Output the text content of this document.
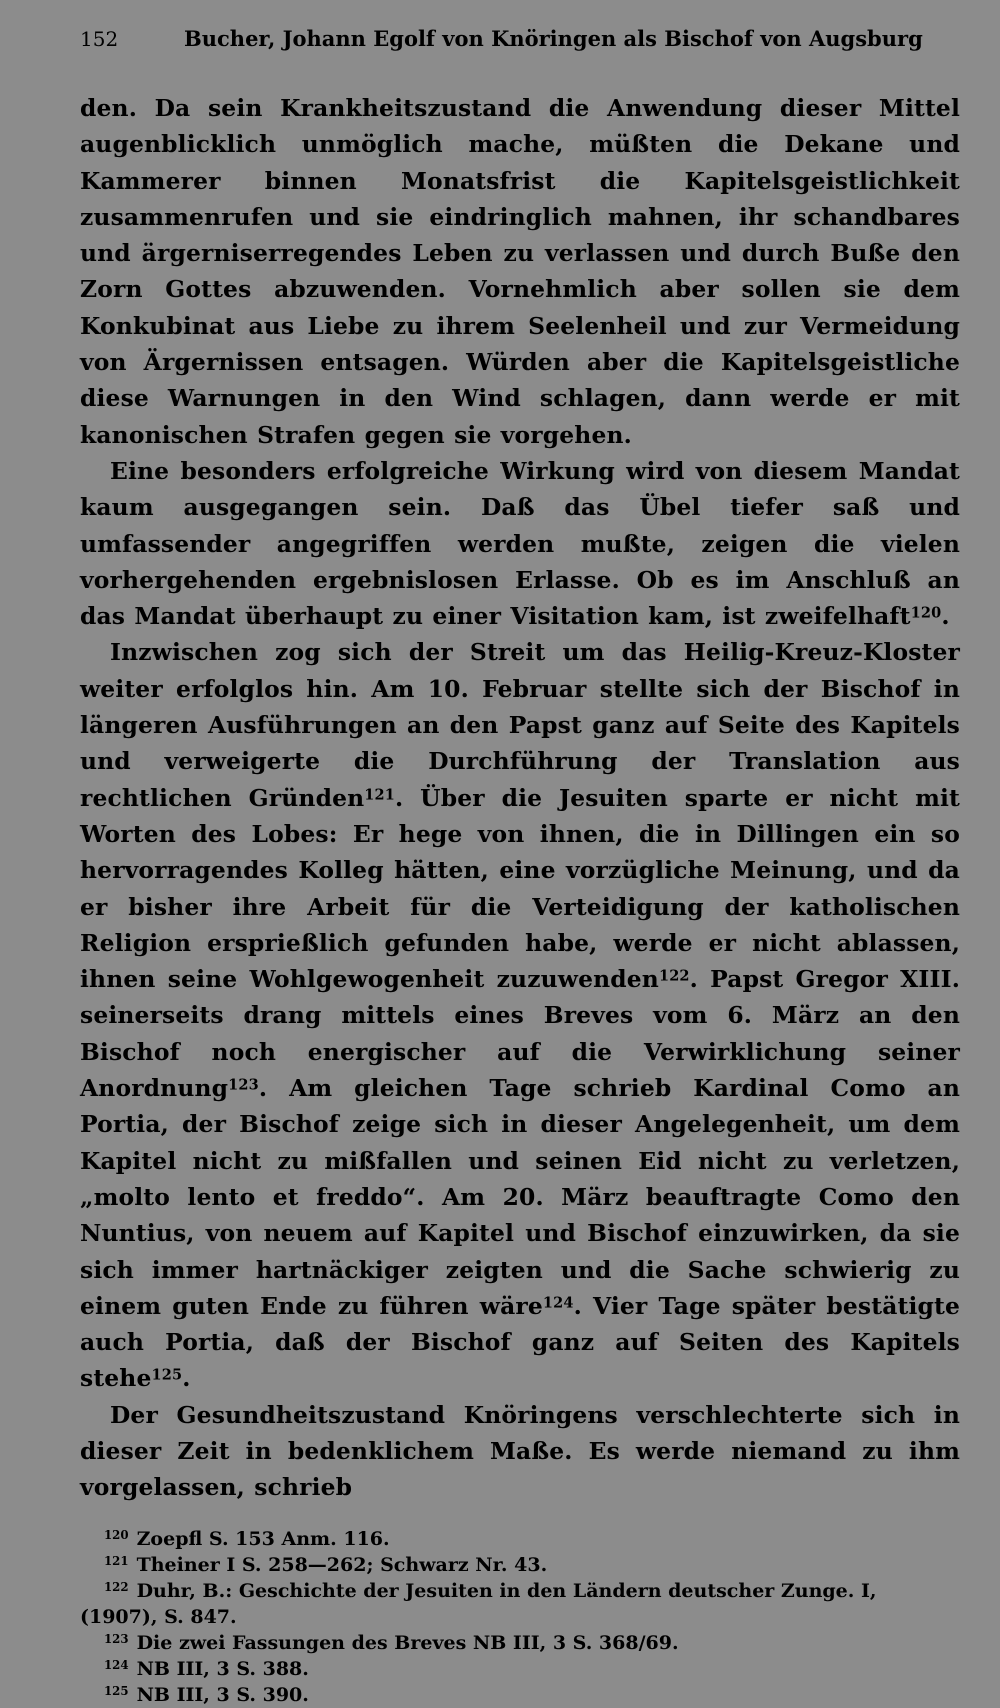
152	Bucher, Johann Egolf von Knöringen als Bischof von Augsburg

den. Da sein Krankheitszustand die Anwendung dieser Mittel augenblicklich unmöglich mache, müßten die Dekane und Kammerer binnen Monatsfrist die Kapitelsgeistlichkeit zusammenrufen und sie eindringlich mahnen, ihr schandbares und ärgerniserregendes Leben zu verlassen und durch Buße den Zorn Gottes abzuwenden. Vornehmlich aber sollen sie dem Konkubinat aus Liebe zu ihrem Seelenheil und zur Vermeidung von Ärgernissen entsagen. Würden aber die Kapitelsgeistliche diese Warnungen in den Wind schlagen, dann werde er mit kanonischen Strafen gegen sie vorgehen.

Eine besonders erfolgreiche Wirkung wird von diesem Mandat kaum ausgegangen sein. Daß das Übel tiefer saß und umfassender angegriffen werden mußte, zeigen die vielen vorhergehenden ergebnislosen Erlasse. Ob es im Anschluß an das Mandat überhaupt zu einer Visitation kam, ist zweifelhaft$^{120}$.

Inzwischen zog sich der Streit um das Heilig-Kreuz-Kloster weiter erfolglos hin. Am 10. Februar stellte sich der Bischof in längeren Ausführungen an den Papst ganz auf Seite des Kapitels und verweigerte die Durchführung der Translation aus rechtlichen Gründen$^{121}$. Über die Jesuiten sparte er nicht mit Worten des Lobes: Er hege von ihnen, die in Dillingen ein so hervorragendes Kolleg hätten, eine vorzügliche Meinung, und da er bisher ihre Arbeit für die Verteidigung der katholischen Religion ersprießlich gefunden habe, werde er nicht ablassen, ihnen seine Wohlgewogenheit zuzuwenden$^{122}$. Papst Gregor XIII. seinerseits drang mittels eines Breves vom 6. März an den Bischof noch energischer auf die Verwirklichung seiner Anordnung$^{123}$. Am gleichen Tage schrieb Kardinal Como an Portia, der Bischof zeige sich in dieser Angelegenheit, um dem Kapitel nicht zu mißfallen und seinen Eid nicht zu verletzen, „molto lento et freddo“. Am 20. März beauftragte Como den Nuntius, von neuem auf Kapitel und Bischof einzuwirken, da sie sich immer hartnäckiger zeigten und die Sache schwierig zu einem guten Ende zu führen wäre$^{124}$. Vier Tage später bestätigte auch Portia, daß der Bischof ganz auf Seiten des Kapitels stehe$^{125}$.

Der Gesundheitszustand Knöringens verschlechterte sich in dieser Zeit in bedenklichem Maße. Es werde niemand zu ihm vorgelassen, schrieb

$^{120}$ Zoepfl S. 153 Anm. 116.

$^{121}$ Theiner I S. 258—262; Schwarz Nr. 43.

$^{122}$ Duhr, B.: Geschichte der Jesuiten in den Ländern deutscher Zunge. I, (1907), S. 847.

$^{123}$ Die zwei Fassungen des Breves NB III, 3 S. 368/69.

$^{124}$ NB III, 3 S. 388.

$^{125}$ NB III, 3 S. 390.
